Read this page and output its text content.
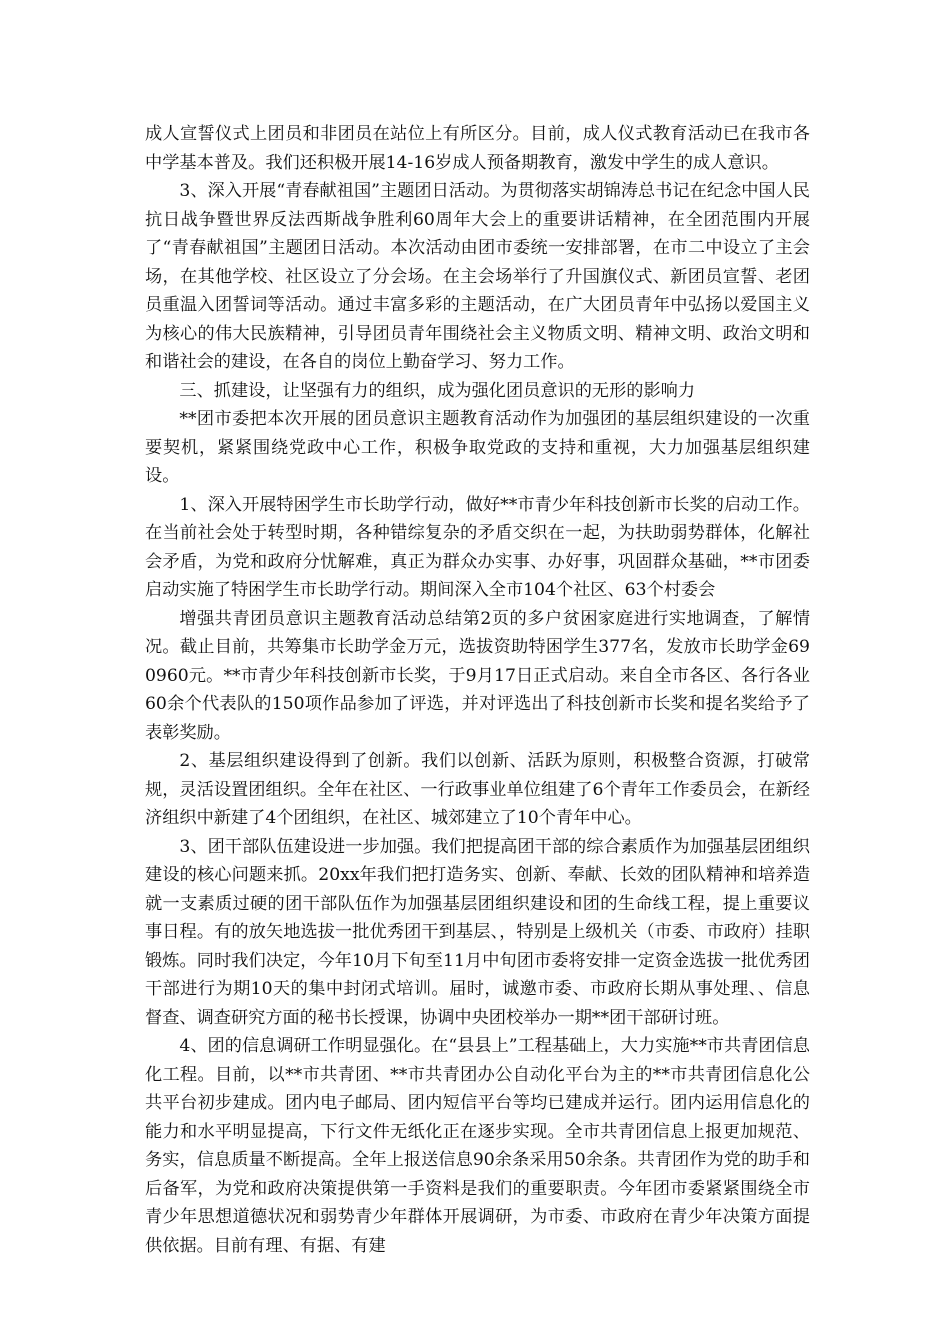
成人宣誓仪式上团员和非团员在站位上有所区分。目前，成人仪式教育活动已在我市各中学基本普及。我们还积极开展14-16岁成人预备期教育，激发中学生的成人意识。

3、深入开展“青春献祖国”主题团日活动。为贯彻落实胡锦涛总书记在纪念中国人民抗日战争暨世界反法西斯战争胜利60周年大会上的重要讲话精神，在全团范围内开展了“青春献祖国”主题团日活动。本次活动由团市委统一安排部署，在市二中设立了主会场，在其他学校、社区设立了分会场。在主会场举行了升国旗仪式、新团员宣誓、老团员重温入团誓词等活动。通过丰富多彩的主题活动，在广大团员青年中弘扬以爱国主义为核心的伟大民族精神，引导团员青年围绕社会主义物质文明、精神文明、政治文明和和谐社会的建设，在各自的岗位上勤奋学习、努力工作。

三、抓建设，让坚强有力的组织，成为强化团员意识的无形的影响力

**团市委把本次开展的团员意识主题教育活动作为加强团的基层组织建设的一次重要契机，紧紧围绕党政中心工作，积极争取党政的支持和重视，大力加强基层组织建设。

1、深入开展特困学生市长助学行动，做好**市青少年科技创新市长奖的启动工作。在当前社会处于转型时期，各种错综复杂的矛盾交织在一起，为扶助弱势群体，化解社会矛盾，为党和政府分忧解难，真正为群众办实事、办好事，巩固群众基础，**市团委启动实施了特困学生市长助学行动。期间深入全市104个社区、63个村委会

增强共青团员意识主题教育活动总结第2页的多户贫困家庭进行实地调查，了解情况。截止目前，共筹集市长助学金万元，选拔资助特困学生377名，发放市长助学金690960元。**市青少年科技创新市长奖，于9月17日正式启动。来自全市各区、各行各业60余个代表队的150项作品参加了评选，并对评选出了科技创新市长奖和提名奖给予了表彰奖励。

2、基层组织建设得到了创新。我们以创新、活跃为原则，积极整合资源，打破常规，灵活设置团组织。全年在社区、一行政事业单位组建了6个青年工作委员会，在新经济组织中新建了4个团组织，在社区、城郊建立了10个青年中心。

3、团干部队伍建设进一步加强。我们把提高团干部的综合素质作为加强基层团组织建设的核心问题来抓。20xx年我们把打造务实、创新、奉献、长效的团队精神和培养造就一支素质过硬的团干部队伍作为加强基层团组织建设和团的生命线工程，提上重要议事日程。有的放矢地选拔一批优秀团干到基层、，特别是上级机关（市委、市政府）挂职锻炼。同时我们决定，今年10月下旬至11月中旬团市委将安排一定资金选拔一批优秀团干部进行为期10天的集中封闭式培训。届时，诚邀市委、市政府长期从事处理、、信息督查、调查研究方面的秘书长授课，协调中央团校举办一期**团干部研讨班。

4、团的信息调研工作明显强化。在“县县上”工程基础上，大力实施**市共青团信息化工程。目前，以**市共青团、**市共青团办公自动化平台为主的**市共青团信息化公共平台初步建成。团内电子邮局、团内短信平台等均已建成并运行。团内运用信息化的能力和水平明显提高，下行文件无纸化正在逐步实现。全市共青团信息上报更加规范、务实，信息质量不断提高。全年上报送信息90余条采用50余条。共青团作为党的助手和后备军，为党和政府决策提供第一手资料是我们的重要职责。今年团市委紧紧围绕全市青少年思想道德状况和弱势青少年群体开展调研，为市委、市政府在青少年决策方面提供依据。目前有理、有据、有建
